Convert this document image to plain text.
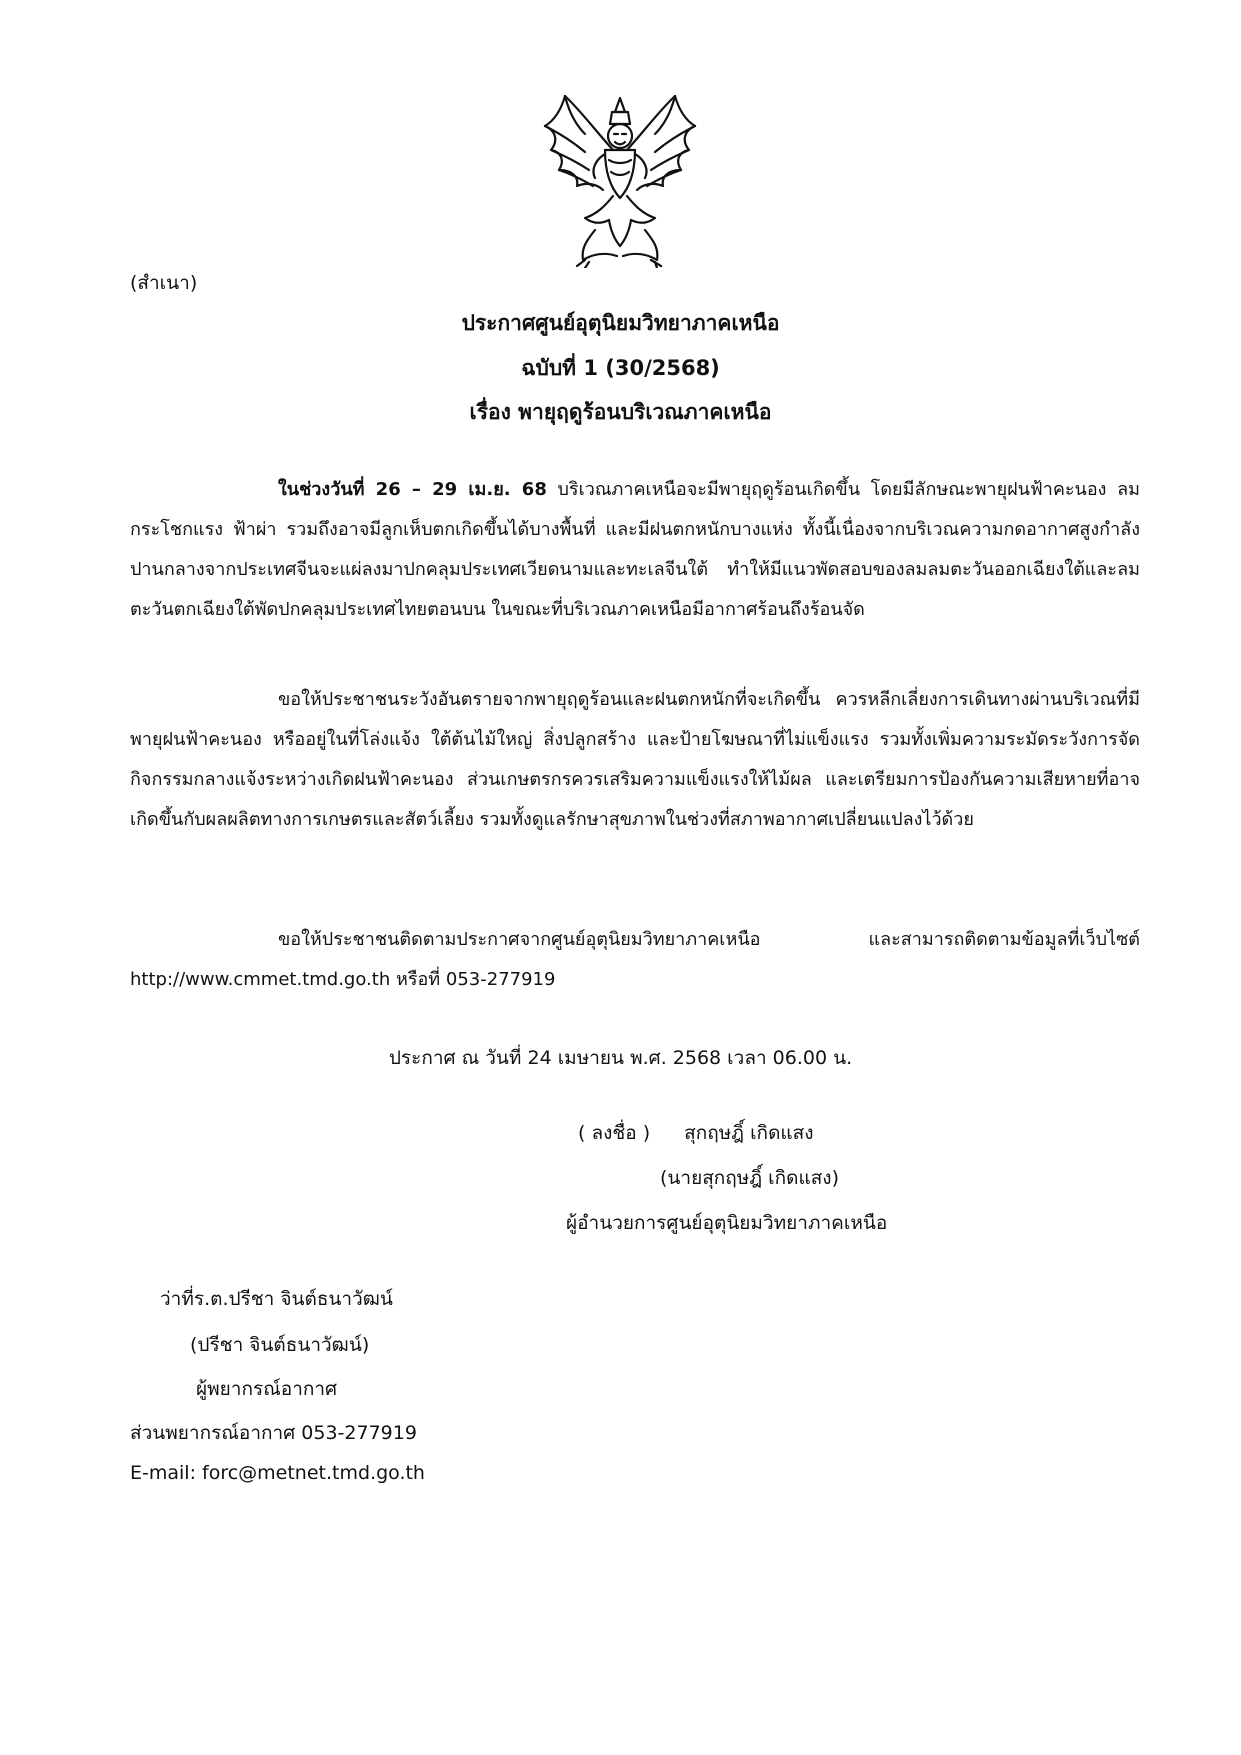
(สำเนา)
ประกาศศูนย์อุตุนิยมวิทยาภาคเหนือ
ฉบับที่ 1 (30/2568)
เรื่อง พายุฤดูร้อนบริเวณภาคเหนือ
ในช่วงวันที่ 26 – 29 เม.ย. 68 บริเวณภาคเหนือจะมีพายุฤดูร้อนเกิดขึ้น โดยมีลักษณะพายุฝนฟ้าคะนอง ลมกระโชกแรง ฟ้าผ่า รวมถึงอาจมีลูกเห็บตกเกิดขึ้นได้บางพื้นที่ และมีฝนตกหนักบางแห่ง ทั้งนี้เนื่องจากบริเวณความกดอากาศสูงกำลังปานกลางจากประเทศจีนจะแผ่ลงมาปกคลุมประเทศเวียดนามและทะเลจีนใต้ ทำให้มีแนวพัดสอบของลมลมตะวันออกเฉียงใต้และลมตะวันตกเฉียงใต้พัดปกคลุมประเทศไทยตอนบน ในขณะที่บริเวณภาคเหนือมีอากาศร้อนถึงร้อนจัด
ขอให้ประชาชนระวังอันตรายจากพายุฤดูร้อนและฝนตกหนักที่จะเกิดขึ้น ควรหลีกเลี่ยงการเดินทางผ่านบริเวณที่มีพายุฝนฟ้าคะนอง หรืออยู่ในที่โล่งแจ้ง ใต้ต้นไม้ใหญ่ สิ่งปลูกสร้าง และป้ายโฆษณาที่ไม่แข็งแรง รวมทั้งเพิ่มความระมัดระวังการจัดกิจกรรมกลางแจ้งระหว่างเกิดฝนฟ้าคะนอง ส่วนเกษตรกรควรเสริมความแข็งแรงให้ไม้ผล และเตรียมการป้องกันความเสียหายที่อาจเกิดขึ้นกับผลผลิตทางการเกษตรและสัตว์เลี้ยง รวมทั้งดูแลรักษาสุขภาพในช่วงที่สภาพอากาศเปลี่ยนแปลงไว้ด้วย
ขอให้ประชาชนติดตามประกาศจากศูนย์อุตุนิยมวิทยาภาคเหนือ และสามารถติดตามข้อมูลที่เว็บไซต์ http://www.cmmet.tmd.go.th หรือที่ 053-277919
ประกาศ ณ วันที่ 24 เมษายน พ.ศ. 2568 เวลา 06.00 น.
( ลงชื่อ ) สุกฤษฎิ์ เกิดแสง
(นายสุกฤษฎิ์ เกิดแสง)
ผู้อำนวยการศูนย์อุตุนิยมวิทยาภาคเหนือ
ว่าที่ร.ต.ปรีชา จินต์ธนาวัฒน์
(ปรีชา จินต์ธนาวัฒน์)
ผู้พยากรณ์อากาศ
ส่วนพยากรณ์อากาศ 053-277919
E-mail: forc@metnet.tmd.go.th
